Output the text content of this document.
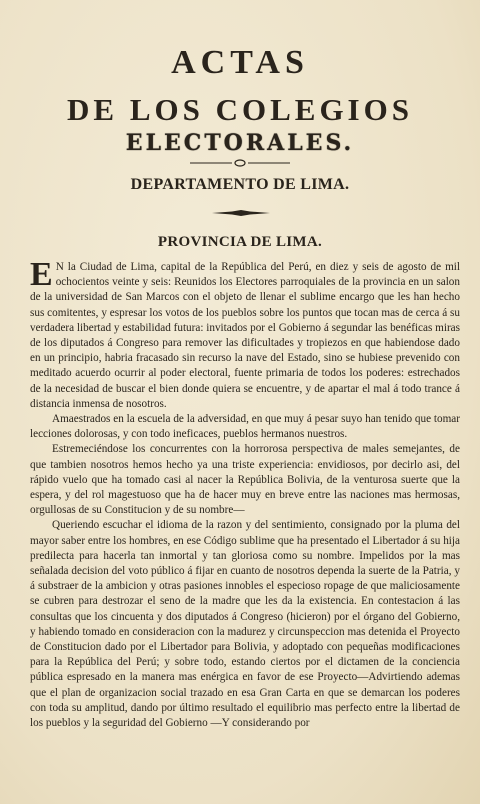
ACTAS
DE LOS COLEGIOS
ELECTORALES.
DEPARTAMENTO DE LIMA.
PROVINCIA DE LIMA.

E N la Ciudad de Lima, capital de la República del Perú, en diez y seis de agosto de mil ochocientos veinte y seis: Reunidos los Electores parroquiales de la provincia en un salon de la universidad de San Marcos con el objeto de llenar el sublime encargo que les han hecho sus comitentes, y espresar los votos de los pueblos sobre los puntos que tocan mas de cerca á su verdadera libertad y estabilidad futura: invitados por el Gobierno á segundar las benéficas miras de los diputados á Congreso para remover las dificultades y tropiezos en que habiendose dado en un principio, habria fracasado sin recurso la nave del Estado, sino se hubiese prevenido con meditado acuerdo ocurrir al poder electoral, fuente primaria de todos los poderes: estrechados de la necesidad de buscar el bien donde quiera se encuentre, y de apartar el mal á todo trance á distancia inmensa de nosotros.

Amaestrados en la escuela de la adversidad, en que muy á pesar suyo han tenido que tomar lecciones dolorosas, y con todo ineficaces, pueblos hermanos nuestros.

Estremeciéndose los concurrentes con la horrorosa perspectiva de males semejantes, de que tambien nosotros hemos hecho ya una triste experiencia: envidiosos, por decirlo asi, del rápido vuelo que ha tomado casi al nacer la República Bolivia, de la venturosa suerte que la espera, y del rol magestuoso que ha de hacer muy en breve entre las naciones mas hermosas, orgullosas de su Constitucion y de su nombre—

Queriendo escuchar el idioma de la razon y del sentimiento, consignado por la pluma del mayor saber entre los hombres, en ese Código sublime que ha presentado el Libertador á su hija predilecta para hacerla tan inmortal y tan gloriosa como su nombre. Impelidos por la mas señalada decision del voto público á fijar en cuanto de nosotros dependa la suerte de la Patria, y á substraer de la ambicion y otras pasiones innobles el especioso ropage de que maliciosamente se cubren para destrozar el seno de la madre que les da la existencia. En contestacion á las consultas que los cincuenta y dos diputados á Congreso (hicieron) por el órgano del Gobierno, y habiendo tomado en consideracion con la madurez y circunspeccion mas detenida el Proyecto de Constitucion dado por el Libertador para Bolivia, y adoptado con pequeñas modificaciones para la República del Perú; y sobre todo, estando ciertos por el dictamen de la conciencia pública espresado en la manera mas enérgica en favor de ese Proyecto—Advirtiendo ademas que el plan de organizacion social trazado en esa Gran Carta en que se demarcan los poderes con toda su amplitud, dando por último resultado el equilibrio mas perfecto entre la libertad de los pueblos y la seguridad del Gobierno —Y considerando por
